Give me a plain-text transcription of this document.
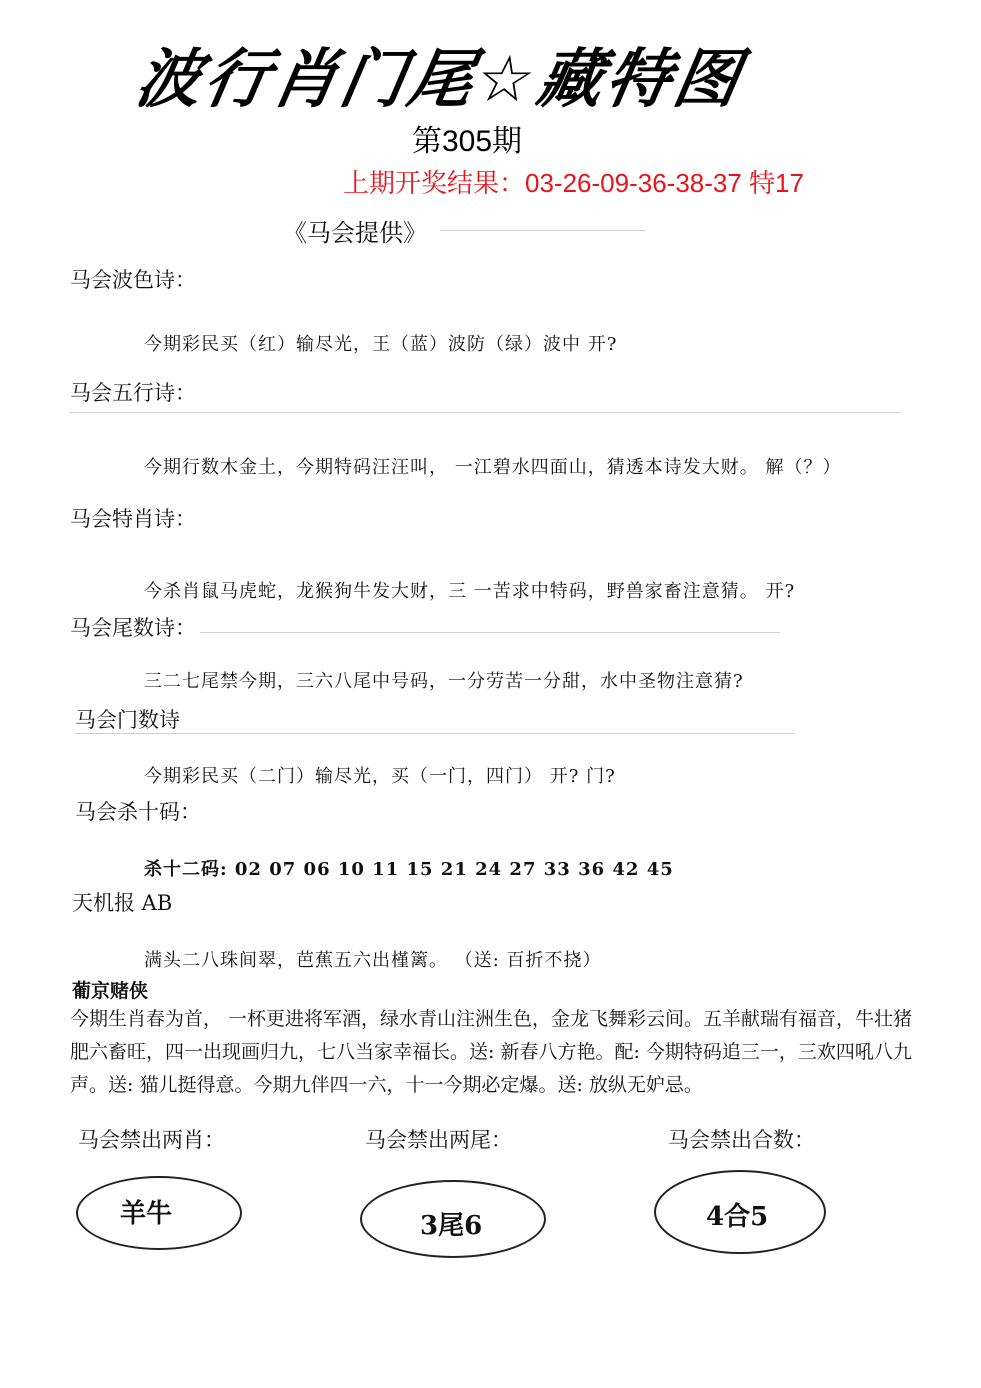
波行肖门尾☆藏特图
第305期
上期开奖结果：03-26-09-36-38-37 特17
《马会提供》
马会波色诗：
今期彩民买（红）输尽光，王（蓝）波防（绿）波中 开?
马会五行诗：
今期行数木金土，今期特码汪汪叫， 一江碧水四面山，猜透本诗发大财。 解（？）
马会特肖诗：
今杀肖鼠马虎蛇，龙猴狗牛发大财，三 一苦求中特码，野兽家畜注意猜。 开?
马会尾数诗：
三二七尾禁今期，三六八尾中号码，一分劳苦一分甜，水中圣物注意猜?
马会门数诗
今期彩民买（二门）输尽光，买（一门，四门） 开? 门?
马会杀十码：
杀十二码: 02 07 06 10 11 15 21 24 27 33 36 42 45
天机报 AB
满头二八珠间翠，芭蕉五六出槿篱。 （送: 百折不挠）
葡京赌侠
今期生肖春为首， 一杯更进将军酒，绿水青山注洲生色，金龙飞舞彩云间。五羊献瑞有福音，牛壮猪肥六畜旺，四一出现画归九，七八当家幸福长。送: 新春八方艳。配: 今期特码追三一，三欢四吼八九声。送: 猫儿挺得意。今期九伴四一六，十一今期必定爆。送: 放纵无妒忌。
马会禁出两肖：	马会禁出两尾：	马会禁出合数：
羊牛	3尾6	4合5
